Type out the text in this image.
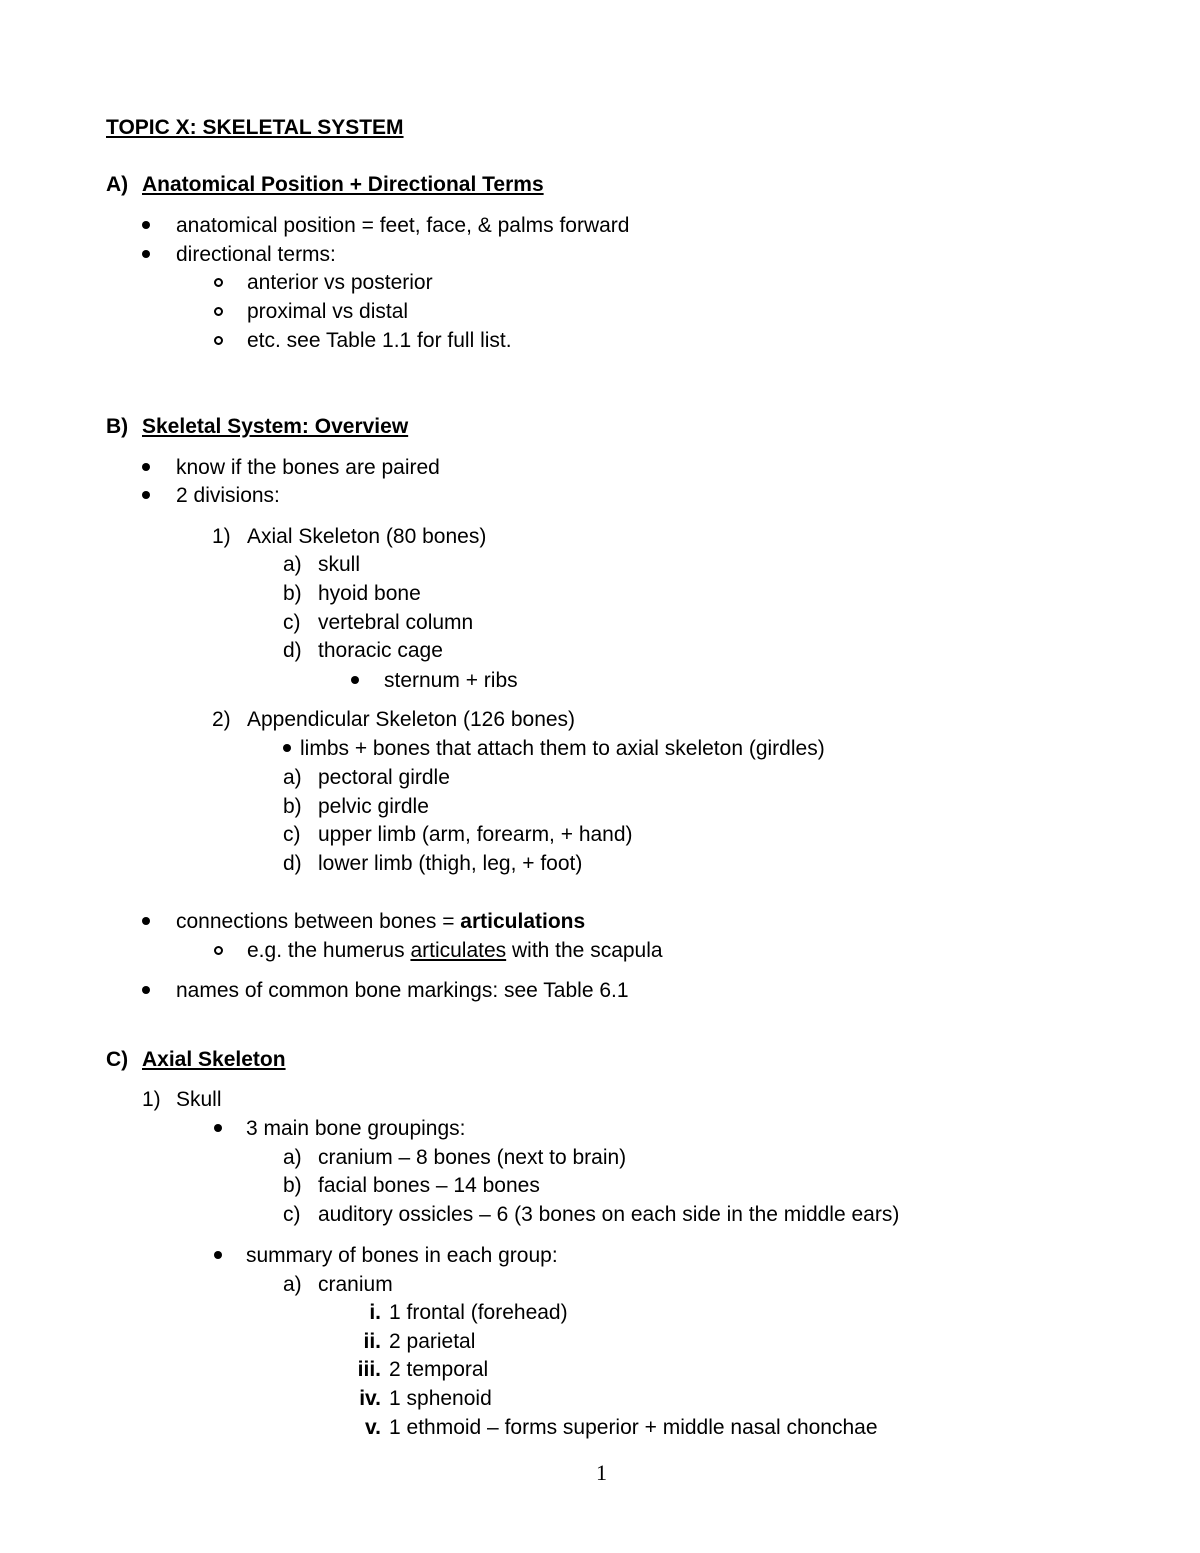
TOPIC X: SKELETAL SYSTEM
A) Anatomical Position + Directional Terms
anatomical position = feet, face, & palms forward
directional terms:
anterior vs posterior
proximal vs distal
etc. see Table 1.1 for full list.
B) Skeletal System: Overview
know if the bones are paired
2 divisions:
1) Axial Skeleton (80 bones)
a) skull
b) hyoid bone
c) vertebral column
d) thoracic cage
sternum + ribs
2) Appendicular Skeleton (126 bones)
limbs + bones that attach them to axial skeleton (girdles)
a) pectoral girdle
b) pelvic girdle
c) upper limb (arm, forearm, + hand)
d) lower limb (thigh, leg, + foot)
connections between bones = articulations
e.g. the humerus articulates with the scapula
names of common bone markings: see Table 6.1
C) Axial Skeleton
1) Skull
3 main bone groupings:
a) cranium – 8 bones (next to brain)
b) facial bones – 14 bones
c) auditory ossicles – 6 (3 bones on each side in the middle ears)
summary of bones in each group:
a) cranium
i. 1 frontal (forehead)
ii. 2 parietal
iii. 2 temporal
iv. 1 sphenoid
v. 1 ethmoid – forms superior + middle nasal chonchae
1
